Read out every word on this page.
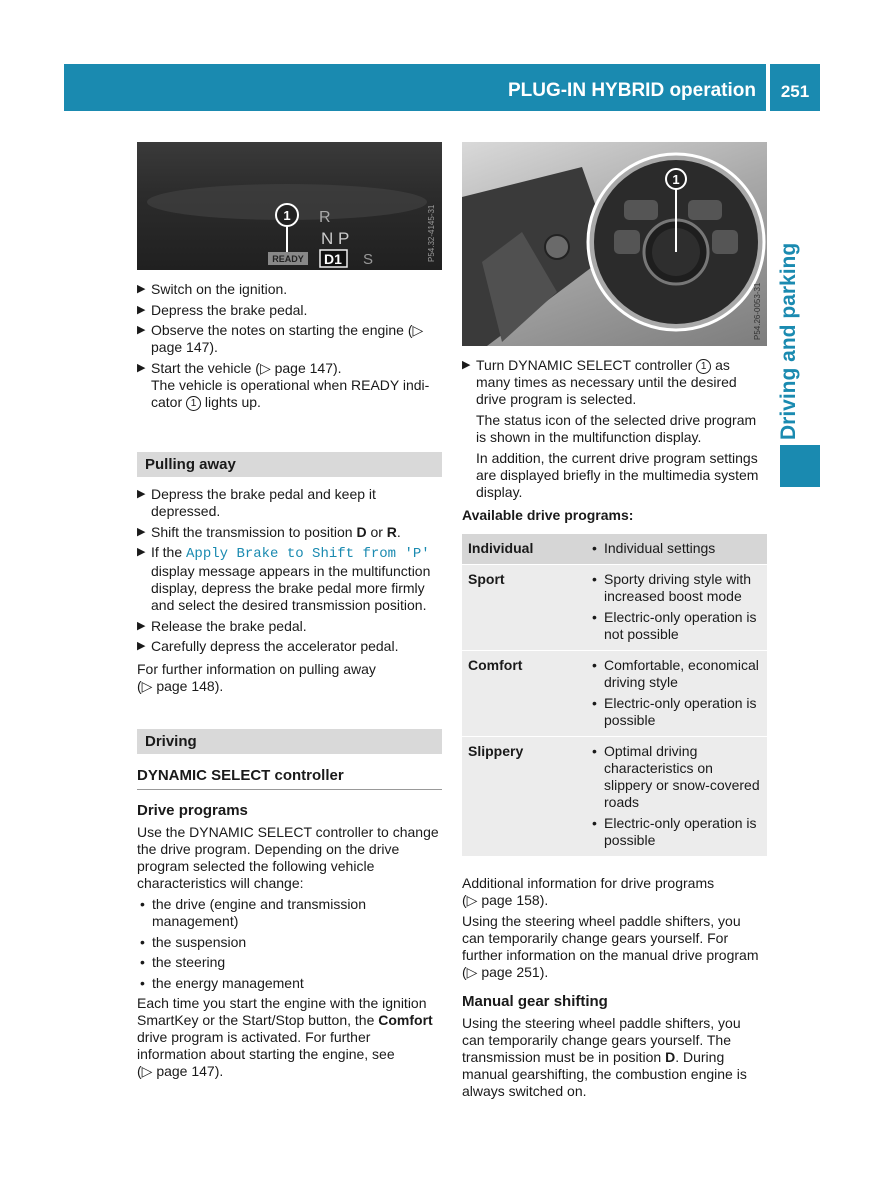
PLUG-IN HYBRID operation	251
Driving and parking
1 R
N P
READY D1 S	P54.32-4145-31
1
P54.26-0053-31
▶ Switch on the ignition.
▶ Depress the brake pedal.
▶ Observe the notes on starting the engine (▷ page 147).
▶ Start the vehicle (▷ page 147).
The vehicle is operational when READY indi-
cator 1 lights up.
Pulling away
▶ Depress the brake pedal and keep it depressed.
▶ Shift the transmission to position D or R.
▶ If the Apply Brake to Shift from 'P' display message appears in the multifunction display, depress the brake pedal more firmly and select the desired transmission position.
▶ Release the brake pedal.
▶ Carefully depress the accelerator pedal.

For further information on pulling away
(▷ page 148).

Driving
DYNAMIC SELECT controller
Drive programs

Use the DYNAMIC SELECT controller to change the drive program. Depending on the drive program selected the following vehicle characteristics will change:

• the drive (engine and transmission management)
• the suspension
• the steering
• the energy management

Each time you start the engine with the ignition SmartKey or the Start/Stop button, the Comfort drive program is activated. For further information about starting the engine, see
(▷ page 147).

▶ Turn DYNAMIC SELECT controller 1 as many times as necessary until the desired drive program is selected.

The status icon of the selected drive program is shown in the multifunction display.

In addition, the current drive program settings are displayed briefly in the multimedia system display.

Available drive programs:

Individual	• Individual settings

Sport	• Sporty driving style with increased boost mode
• Electric-only operation is not possible

Comfort	• Comfortable, economical driving style
• Electric-only operation is possible

Slippery	• Optimal driving characteristics on slippery or snow-covered roads
• Electric-only operation is possible

Additional information for drive programs
(▷ page 158).

Using the steering wheel paddle shifters, you can temporarily change gears yourself. For further information on the manual drive program
(▷ page 251).

Manual gear shifting

Using the steering wheel paddle shifters, you can temporarily change gears yourself. The transmission must be in position D. During manual gearshifting, the combustion engine is always switched on.
